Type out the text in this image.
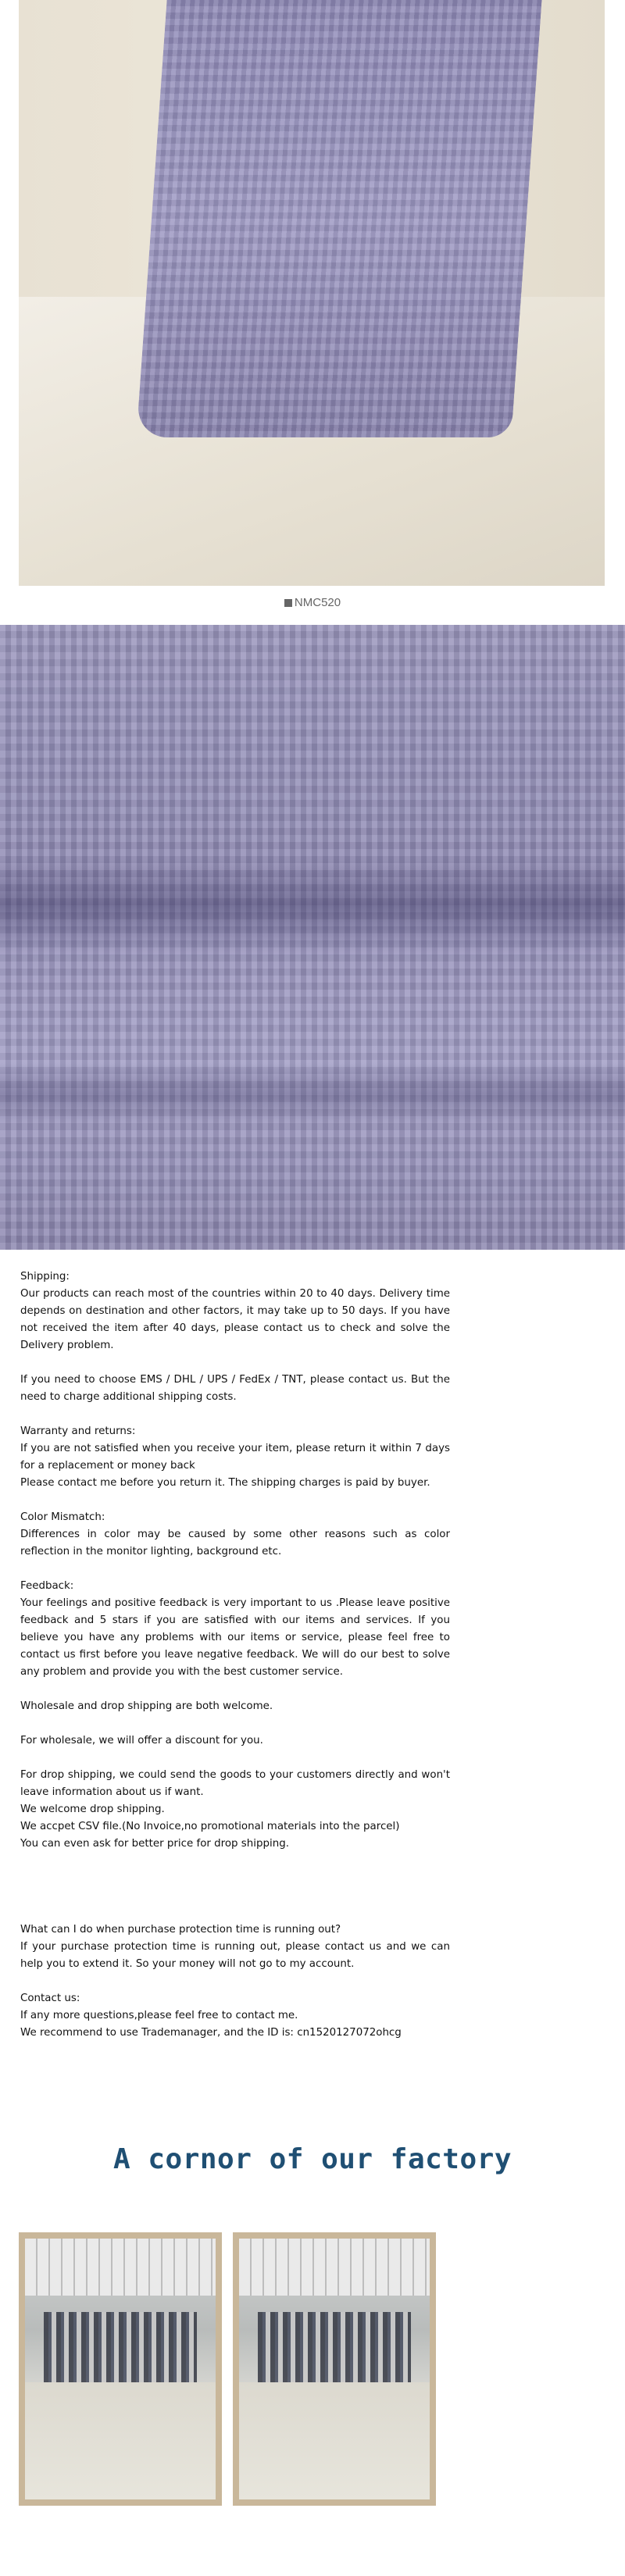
NMC520

Shipping:

Our products can reach most of the countries within 20 to 40 days. Delivery time depends on destination and other factors, it may take up to 50 days. If you have not received the item after 40 days, please contact us to check and solve the Delivery problem.

If you need to choose EMS / DHL / UPS / FedEx / TNT, please contact us. But the need to charge additional shipping costs.

Warranty and returns:

If you are not satisfied when you receive your item, please return it within 7 days for a replacement or money back

Please contact me before you return it. The shipping charges is paid by buyer.

Color Mismatch:

Differences in color may be caused by some other reasons such as color reflection in the monitor lighting, background etc.

Feedback:

Your feelings and positive feedback is very important to us .Please leave positive feedback and 5 stars if you are satisfied with our items and services. If you believe you have any problems with our items or service, please feel free to contact us first before you leave negative feedback. We will do our best to solve any problem and provide you with the best customer service.

Wholesale and drop shipping are both welcome.

For wholesale, we will offer a discount for you.

For drop shipping, we could send the goods to your customers directly and won't leave information about us if want.

We welcome drop shipping.

We accpet CSV file.(No Invoice,no promotional materials into the parcel)

You can even ask for better price for drop shipping.

What can I do when purchase protection time is running out?

If your purchase protection time is running out, please contact us and we can help you to extend it. So your money will not go to my account.

Contact us:

If any more questions,please feel free to contact me.

We recommend to use Trademanager, and the ID is: cn1520127072ohcg

A cornor of our factory
